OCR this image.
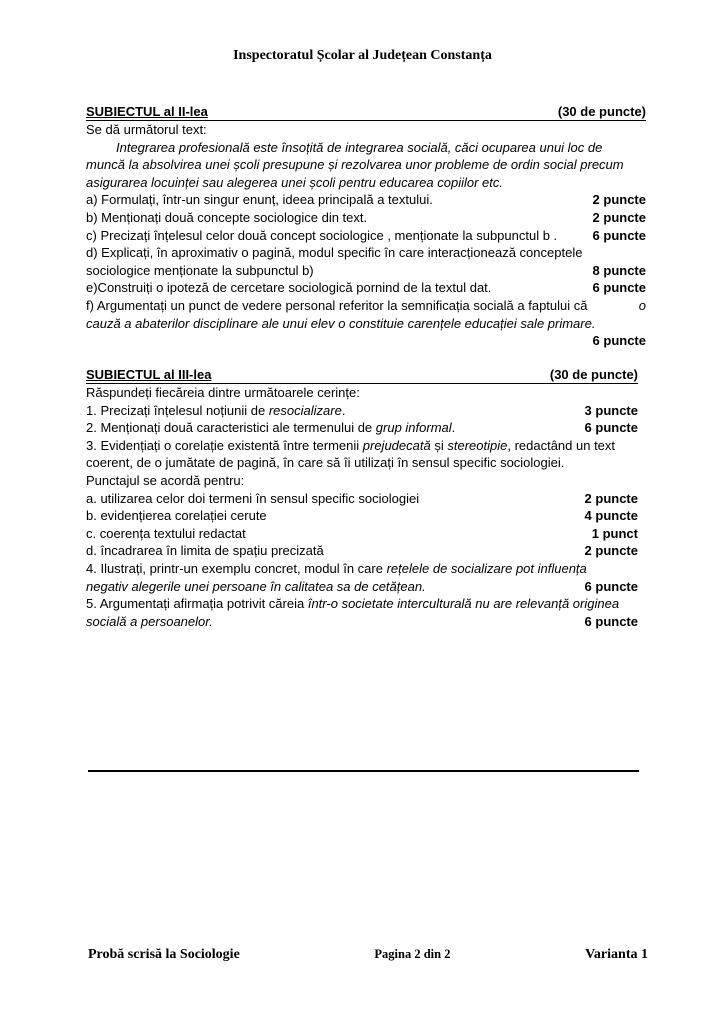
Inspectoratul Școlar al Județean Constanța
SUBIECTUL al II-lea	(30 de puncte)
Se dă următorul text:
Integrarea profesională este însoțită de integrarea socială, căci ocuparea unui loc de
muncă la absolvirea unei școli presupune și rezolvarea unor probleme de ordin social precum
asigurarea locuinței sau alegerea unei școli pentru educarea copiilor etc.
a) Formulați, într-un singur enunț, ideea principală a textului.	2 puncte
b) Menționați două concepte sociologice din text.	2 puncte
c) Precizați înțelesul celor două concept sociologice , menționate la subpunctul b .	6 puncte
d) Explicați, în aproximativ o pagină, modul specific în care interacționează conceptele
sociologice menționate la subpunctul b)	8 puncte
e)Construiți o ipoteză de cercetare sociologică pornind de la textul dat.	6 puncte
f) Argumentați un punct de vedere personal referitor la semnificația socială a faptului că	o
cauză a abaterilor disciplinare ale unui elev o constituie carențele educației sale primare.
6 puncte
SUBIECTUL al III-lea	(30 de puncte)
Răspundeți fiecăreia dintre următoarele cerințe:
1. Precizați înțelesul noțiunii de resocializare.	3 puncte
2. Menționați două caracteristici ale termenului de grup informal.	6 puncte
3. Evidențiați o corelație existentă între termenii prejudecată și stereotipie, redactând un text
coerent, de o jumătate de pagină, în care să îi utilizați în sensul specific sociologiei.
Punctajul se acordă pentru:
a. utilizarea celor doi termeni în sensul specific sociologiei	2 puncte
b. evidențierea corelației cerute	4 puncte
c. coerența textului redactat	1 punct
d. încadrarea în limita de spațiu precizată	2 puncte
4. Ilustrați, printr-un exemplu concret, modul în care rețelele de socializare pot influența
negativ alegerile unei persoane în calitatea sa de cetățean.	6 puncte
5. Argumentați afirmația potrivit căreia într-o societate interculturală nu are relevanță originea
socială a persoanelor.	6 puncte
Probă scrisă la Sociologie	Pagina 2 din 2	Varianta 1
